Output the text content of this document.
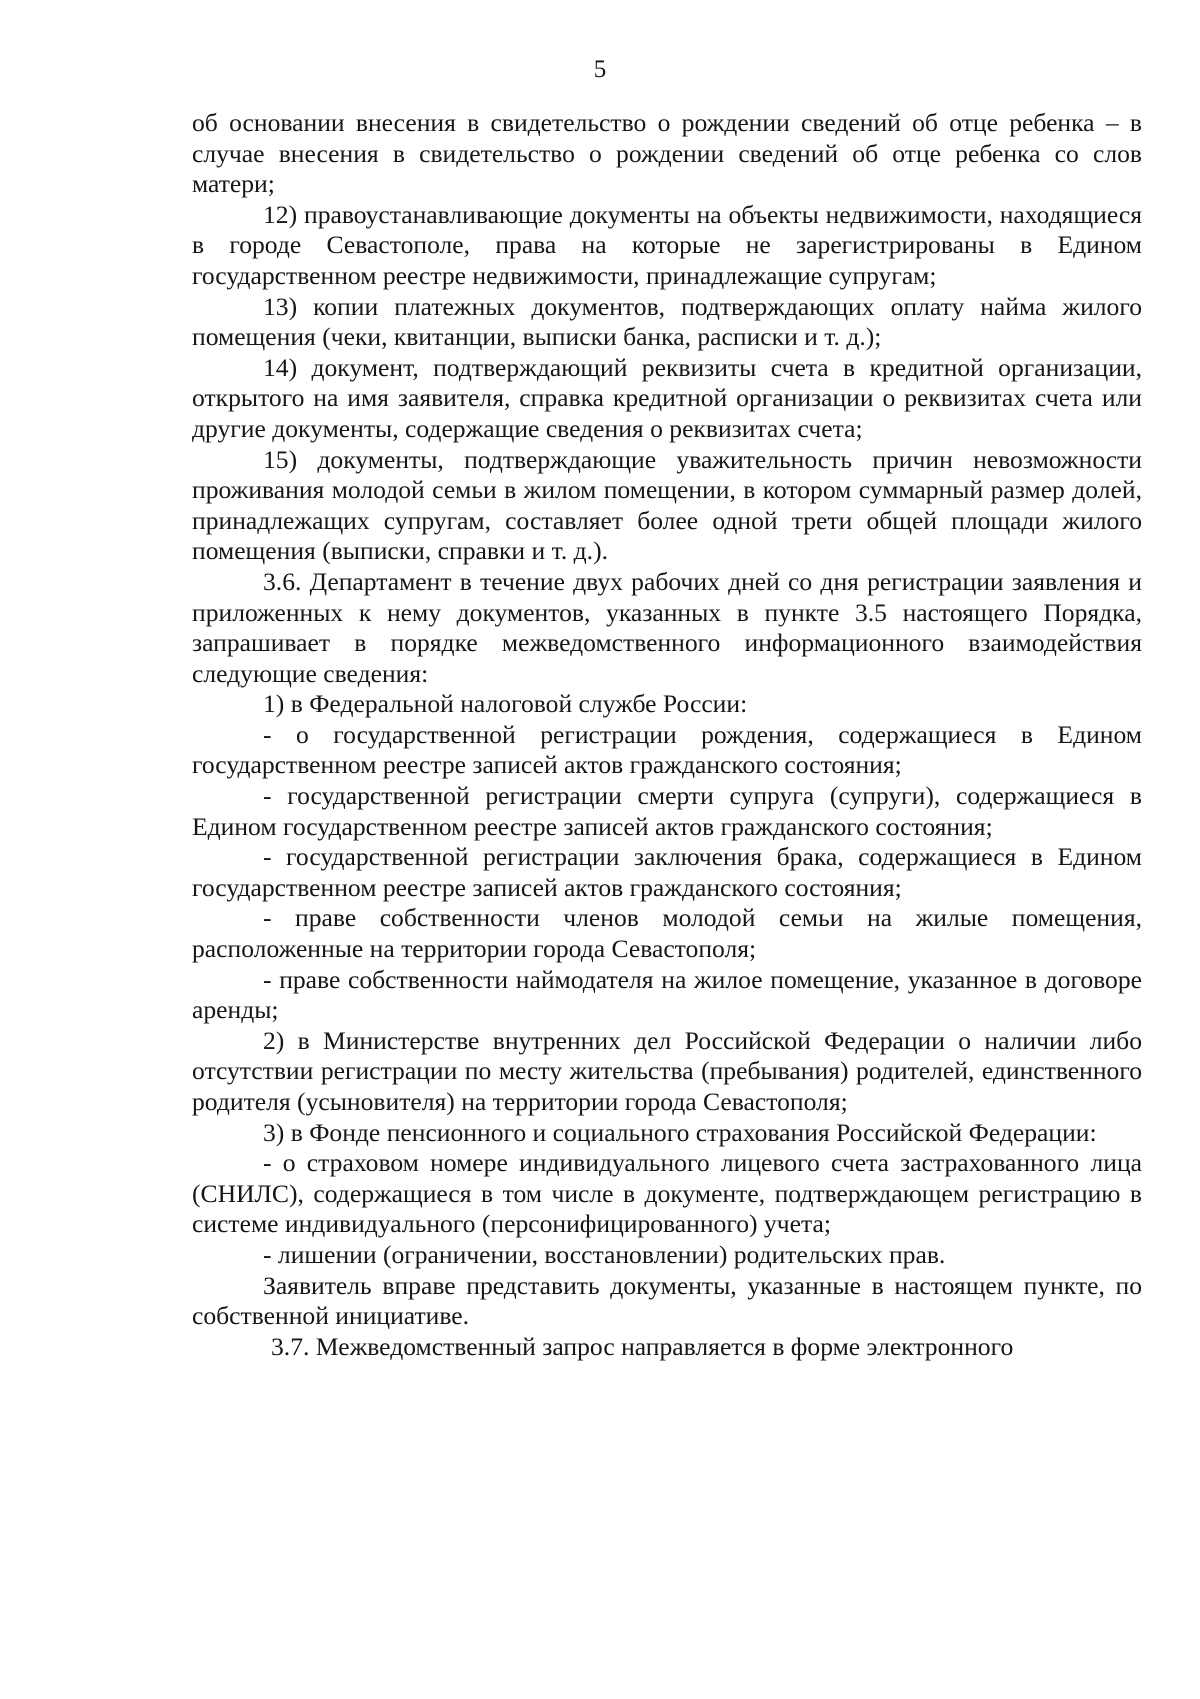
5

об основании внесения в свидетельство о рождении сведений об отце ребенка – в случае внесения в свидетельство о рождении сведений об отце ребенка со слов матери;

12) правоустанавливающие документы на объекты недвижимости, находящиеся в городе Севастополе, права на которые не зарегистрированы в Едином государственном реестре недвижимости, принадлежащие супругам;

13) копии платежных документов, подтверждающих оплату найма жилого помещения (чеки, квитанции, выписки банка, расписки и т. д.);

14) документ, подтверждающий реквизиты счета в кредитной организации, открытого на имя заявителя, справка кредитной организации о реквизитах счета или другие документы, содержащие сведения о реквизитах счета;

15) документы, подтверждающие уважительность причин невозможности проживания молодой семьи в жилом помещении, в котором суммарный размер долей, принадлежащих супругам, составляет более одной трети общей площади жилого помещения (выписки, справки и т. д.).

3.6. Департамент в течение двух рабочих дней со дня регистрации заявления и приложенных к нему документов, указанных в пункте 3.5 настоящего Порядка, запрашивает в порядке межведомственного информационного взаимодействия следующие сведения:

1) в Федеральной налоговой службе России:

- о государственной регистрации рождения, содержащиеся в Едином государственном реестре записей актов гражданского состояния;

- государственной регистрации смерти супруга (супруги), содержащиеся в Едином государственном реестре записей актов гражданского состояния;

- государственной регистрации заключения брака, содержащиеся в Едином государственном реестре записей актов гражданского состояния;

- праве собственности членов молодой семьи на жилые помещения, расположенные на территории города Севастополя;

- праве собственности наймодателя на жилое помещение, указанное в договоре аренды;

2) в Министерстве внутренних дел Российской Федерации о наличии либо отсутствии регистрации по месту жительства (пребывания) родителей, единственного родителя (усыновителя) на территории города Севастополя;

3) в Фонде пенсионного и социального страхования Российской Федерации:

- о страховом номере индивидуального лицевого счета застрахованного лица (СНИЛС), содержащиеся в том числе в документе, подтверждающем регистрацию в системе индивидуального (персонифицированного) учета;

- лишении (ограничении, восстановлении) родительских прав.

Заявитель вправе представить документы, указанные в настоящем пункте, по собственной инициативе.

3.7. Межведомственный запрос направляется в форме электронного
